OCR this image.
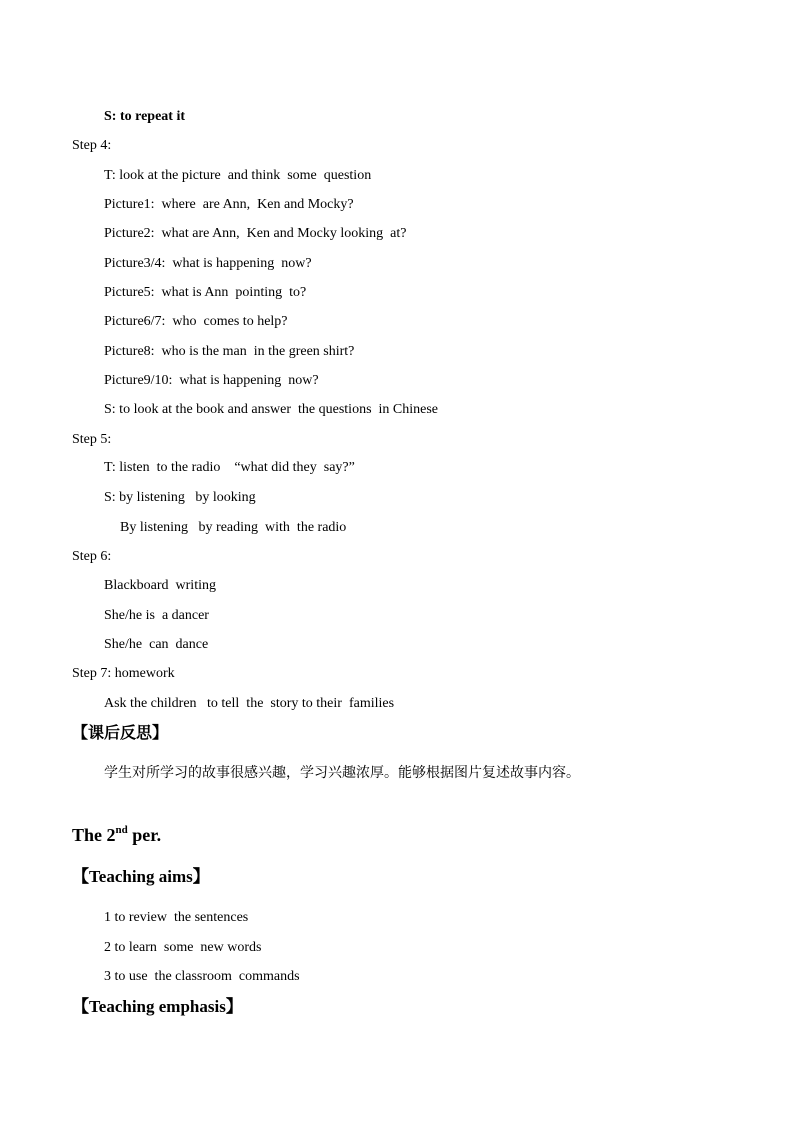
S: to repeat it
Step 4:
T: look at the picture  and think  some  question
Picture1:  where  are Ann,  Ken and Mocky?
Picture2:  what are Ann,  Ken and Mocky looking  at?
Picture3/4:  what is happening  now?
Picture5:  what is Ann  pointing  to?
Picture6/7:  who  comes to help?
Picture8:  who is the man  in the green shirt?
Picture9/10:  what is happening  now?
S: to look at the book and answer  the questions  in Chinese
Step 5:
T: listen  to the radio    “what did they  say?”
S: by listening   by looking
By listening   by reading  with  the radio
Step 6:
Blackboard  writing
She/he is  a dancer
She/he  can  dance
Step 7: homework
Ask the children   to tell  the  story to their  families
【课后反思】
学生对所学习的故事很感兴趣，学习兴趣浓厚。能够根据图片复述故事内容。
The 2nd per.
【Teaching aims】
1 to review  the sentences
2 to learn  some  new words
3 to use  the classroom  commands
【Teaching emphasis】
